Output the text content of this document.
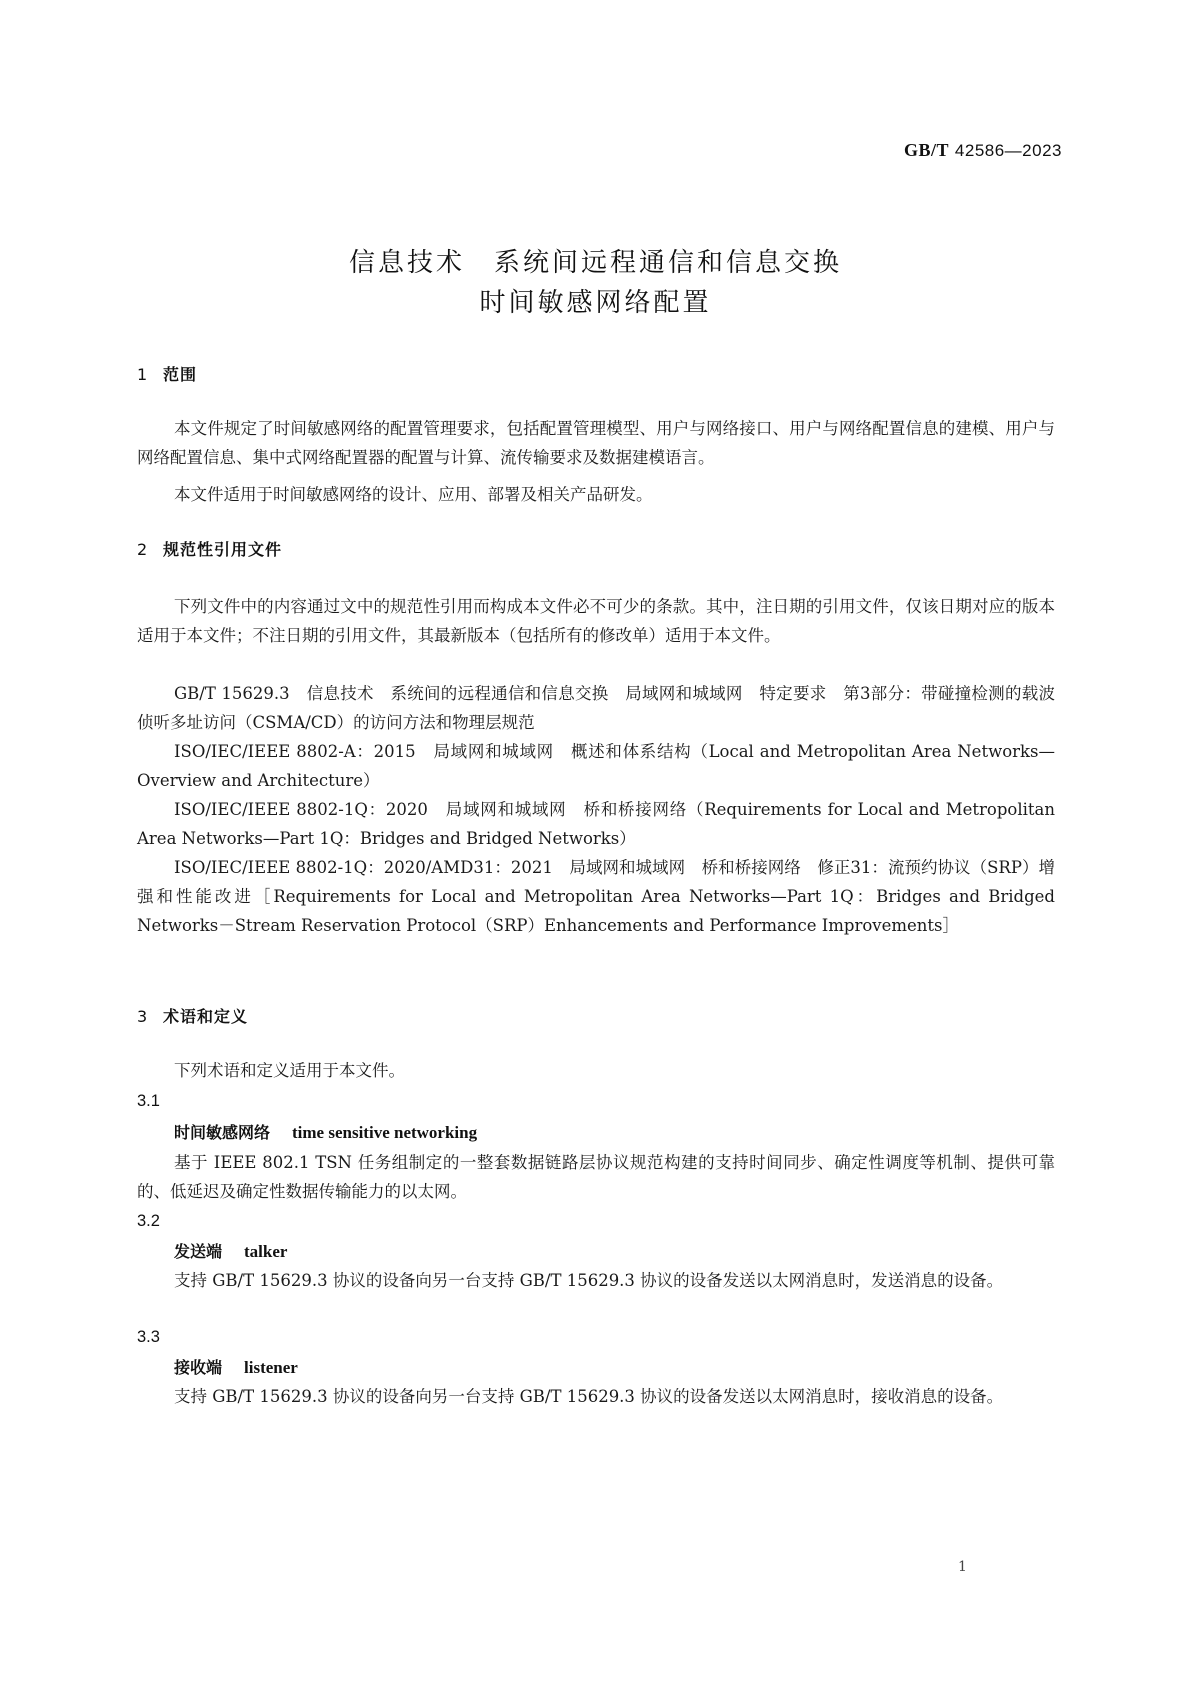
GB/T 42586—2023
信息技术　系统间远程通信和信息交换
时间敏感网络配置
1 范围
本文件规定了时间敏感网络的配置管理要求，包括配置管理模型、用户与网络接口、用户与网络配置信息的建模、用户与网络配置信息、集中式网络配置器的配置与计算、流传输要求及数据建模语言。
本文件适用于时间敏感网络的设计、应用、部署及相关产品研发。
2 规范性引用文件
下列文件中的内容通过文中的规范性引用而构成本文件必不可少的条款。其中，注日期的引用文件，仅该日期对应的版本适用于本文件；不注日期的引用文件，其最新版本（包括所有的修改单）适用于本文件。
GB/T 15629.3　信息技术　系统间的远程通信和信息交换　局域网和城域网　特定要求　第3部分：带碰撞检测的载波侦听多址访问（CSMA/CD）的访问方法和物理层规范
ISO/IEC/IEEE 8802-A：2015　局域网和城域网　概述和体系结构（Local and Metropolitan Area Networks—Overview and Architecture）
ISO/IEC/IEEE 8802-1Q：2020　局域网和城域网　桥和桥接网络（Requirements for Local and Metropolitan Area Networks—Part 1Q：Bridges and Bridged Networks）
ISO/IEC/IEEE 8802-1Q：2020/AMD31：2021　局域网和城域网　桥和桥接网络　修正31：流预约协议（SRP）增强和性能改进［Requirements for Local and Metropolitan Area Networks—Part 1Q：Bridges and Bridged Networks－Stream Reservation Protocol（SRP）Enhancements and Performance Improvements］
3 术语和定义
下列术语和定义适用于本文件。
3.1
时间敏感网络 time sensitive networking
基于 IEEE 802.1 TSN 任务组制定的一整套数据链路层协议规范构建的支持时间同步、确定性调度等机制、提供可靠的、低延迟及确定性数据传输能力的以太网。
3.2
发送端 talker
支持 GB/T 15629.3 协议的设备向另一台支持 GB/T 15629.3 协议的设备发送以太网消息时，发送消息的设备。
3.3
接收端 listener
支持 GB/T 15629.3 协议的设备向另一台支持 GB/T 15629.3 协议的设备发送以太网消息时，接收消息的设备。
1
